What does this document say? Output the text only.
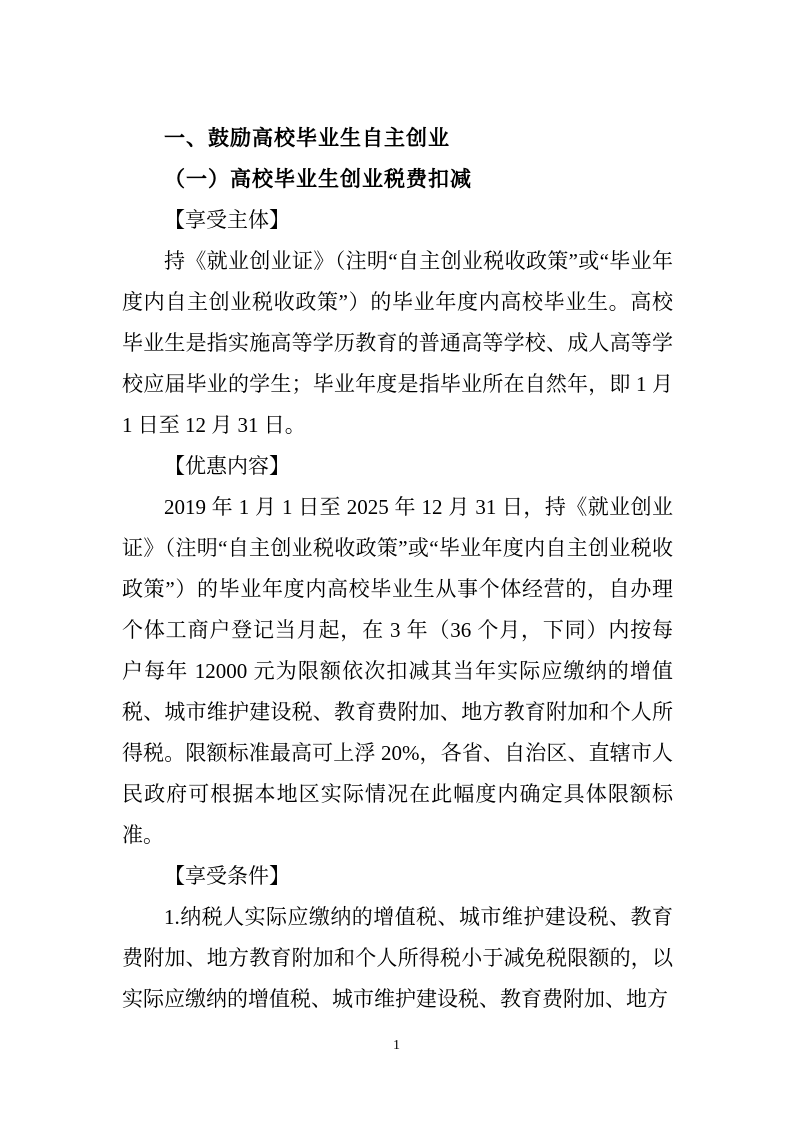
一、鼓励高校毕业生自主创业

（一）高校毕业生创业税费扣减

【享受主体】

持《就业创业证》（注明“自主创业税收政策”或“毕业年度内自主创业税收政策”）的毕业年度内高校毕业生。高校毕业生是指实施高等学历教育的普通高等学校、成人高等学校应届毕业的学生；毕业年度是指毕业所在自然年，即 1 月 1 日至 12 月 31 日。

【优惠内容】

2019 年 1 月 1 日至 2025 年 12 月 31 日，持《就业创业证》（注明“自主创业税收政策”或“毕业年度内自主创业税收政策”）的毕业年度内高校毕业生从事个体经营的，自办理个体工商户登记当月起，在 3 年（36 个月，下同）内按每户每年 12000 元为限额依次扣减其当年实际应缴纳的增值税、城市维护建设税、教育费附加、地方教育附加和个人所得税。限额标准最高可上浮 20%，各省、自治区、直辖市人民政府可根据本地区实际情况在此幅度内确定具体限额标准。

【享受条件】

1.纳税人实际应缴纳的增值税、城市维护建设税、教育费附加、地方教育附加和个人所得税小于减免税限额的，以实际应缴纳的增值税、城市维护建设税、教育费附加、地方

1
